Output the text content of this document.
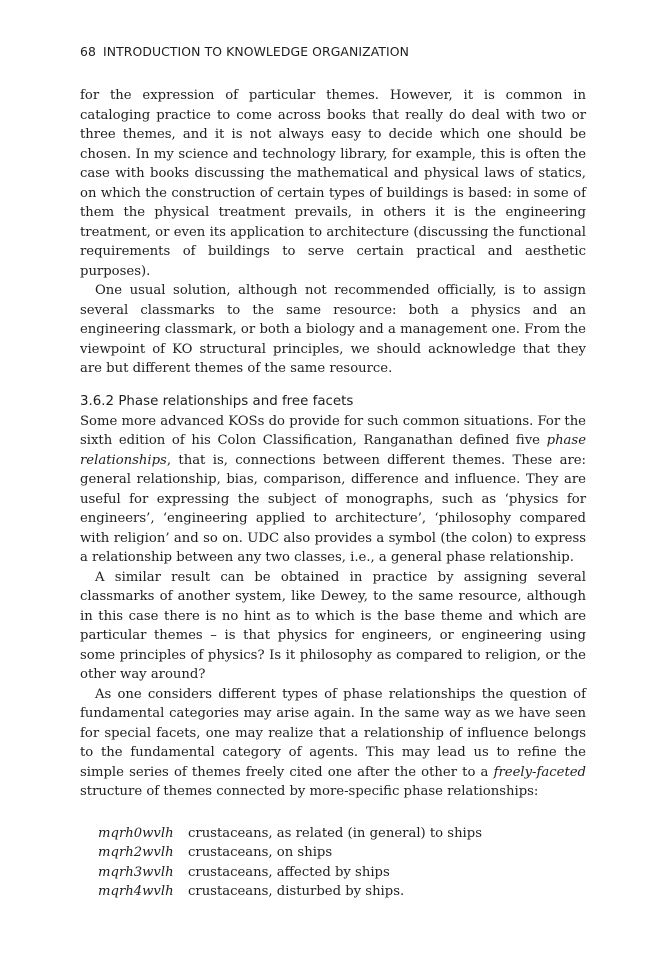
68 INTRODUCTION TO KNOWLEDGE ORGANIZATION

for the expression of particular themes. However, it is common in cataloging practice to come across books that really do deal with two or three themes, and it is not always easy to decide which one should be chosen. In my science and technology library, for example, this is often the case with books discussing the mathematical and physical laws of statics, on which the construction of certain types of buildings is based: in some of them the physical treatment prevails, in others it is the engineering treatment, or even its application to architecture (discussing the functional requirements of buildings to serve certain practical and aesthetic purposes).

One usual solution, although not recommended officially, is to assign several classmarks to the same resource: both a physics and an engineering classmark, or both a biology and a management one. From the viewpoint of KO structural principles, we should acknowledge that they are but different themes of the same resource.

3.6.2 Phase relationships and free facets

Some more advanced KOSs do provide for such common situations. For the sixth edition of his Colon Classification, Ranganathan defined five phase relationships, that is, connections between different themes. These are: general relationship, bias, comparison, difference and influence. They are useful for expressing the subject of monographs, such as ‘physics for engineers’, ‘engineering applied to architecture’, ‘philosophy compared with religion’ and so on. UDC also provides a symbol (the colon) to express a relationship between any two classes, i.e., a general phase relationship.

A similar result can be obtained in practice by assigning several classmarks of another system, like Dewey, to the same resource, although in this case there is no hint as to which is the base theme and which are particular themes – is that physics for engineers, or engineering using some principles of physics? Is it philosophy as compared to religion, or the other way around?

As one considers different types of phase relationships the question of fundamental categories may arise again. In the same way as we have seen for special facets, one may realize that a relationship of influence belongs to the fundamental category of agents. This may lead us to refine the simple series of themes freely cited one after the other to a freely-faceted structure of themes connected by more-specific phase relationships:

mqrh0wvlh	crustaceans, as related (in general) to ships
mqrh2wvlh	crustaceans, on ships
mqrh3wvlh	crustaceans, affected by ships
mqrh4wvlh	crustaceans, disturbed by ships.
